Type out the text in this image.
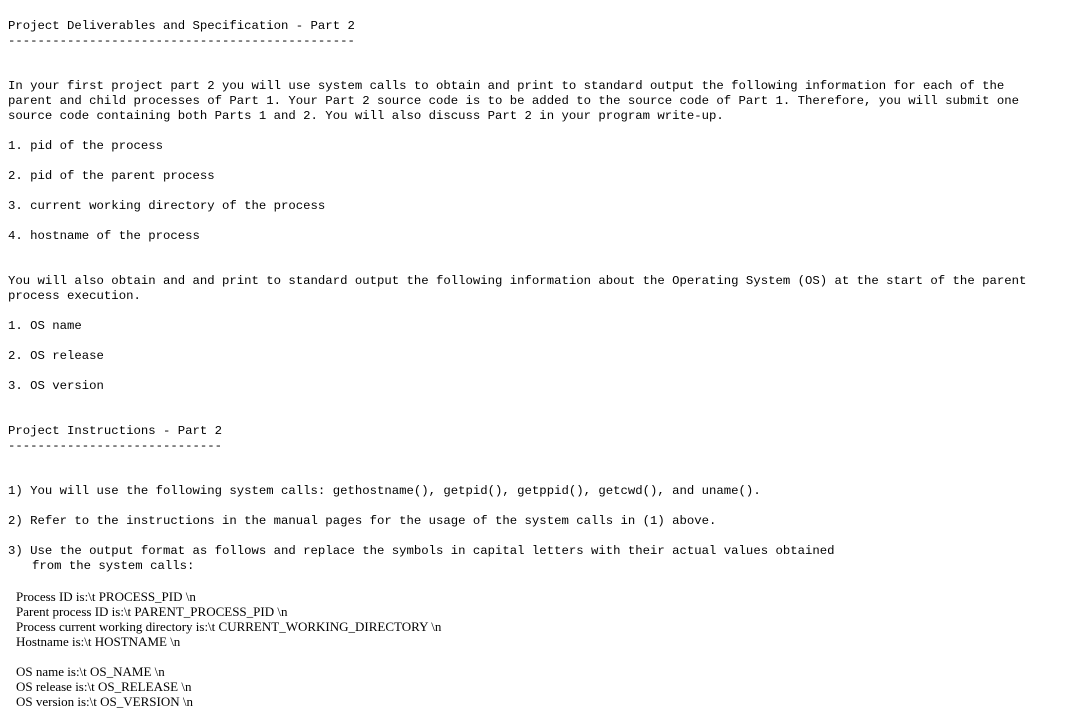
Project Deliverables and Specification - Part 2

-----------------------------------------------

In your first project part 2 you will use system calls to obtain and print to standard output the following information for each of the parent and child processes of Part 1. Your Part 2 source code is to be added to the source code of Part 1. Therefore, you will submit one source code containing both Parts 1 and 2. You will also discuss Part 2 in your program write-up.

1. pid of the process

2. pid of the parent process

3. current working directory of the process

4. hostname of the process

You will also obtain and and print to standard output the following information about the Operating System (OS) at the start of the parent process execution.

1. OS name

2. OS release

3. OS version

Project Instructions - Part 2

-----------------------------

1) You will use the following system calls: gethostname(), getpid(), getppid(), getcwd(), and uname().

2) Refer to the instructions in the manual pages for the usage of the system calls in (1) above.

3) Use the output format as follows and replace the symbols in capital letters with their actual values obtained

from the system calls:

Process ID is:\t PROCESS_PID \n

Parent process ID is:\t PARENT_PROCESS_PID \n

Process current working directory is:\t CURRENT_WORKING_DIRECTORY \n

Hostname is:\t HOSTNAME \n

OS name is:\t OS_NAME \n

OS release is:\t OS_RELEASE \n

OS version is:\t OS_VERSION \n
